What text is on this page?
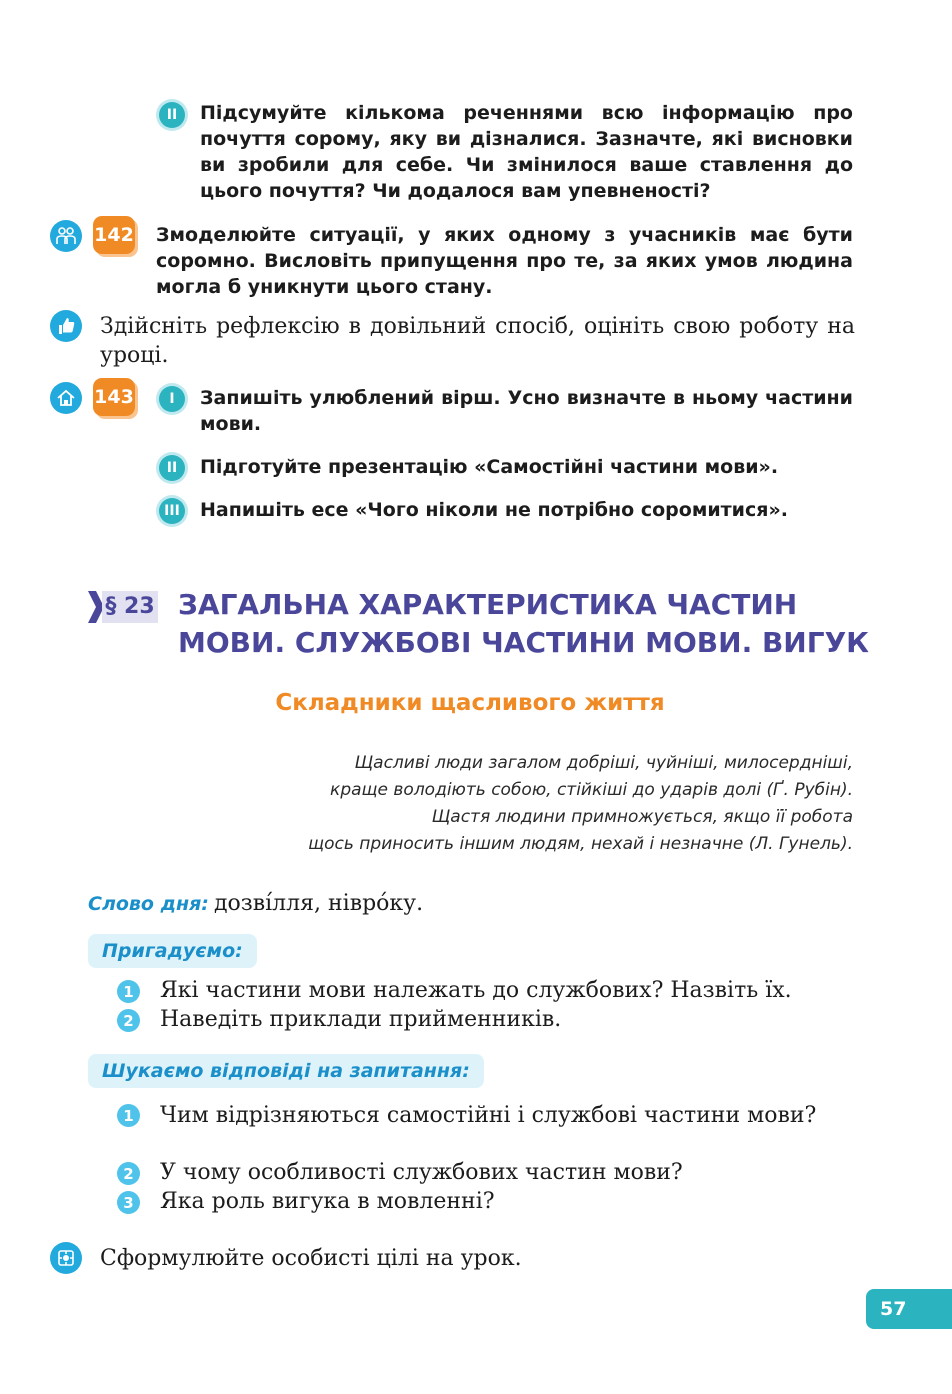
II Підсумуйте кількома реченнями всю інформацію про почуття сорому, яку ви дізналися. Зазначте, які висновки ви зробили для себе. Чи змінилося ваше ставлення до цього почуття? Чи додалося вам упевненості?
142 Змоделюйте ситуації, у яких одному з учасників має бути соромно. Висловіть припущення про те, за яких умов людина могла б уникнути цього стану.
Здійсніть рефлексію в довільний спосіб, оцініть свою роботу на уроці.
143	I Запишіть улюблений вірш. Усно визначте в ньому частини мови.
II Підготуйте презентацію «Самостійні частини мови».
III Напишіть есе «Чого ніколи не потрібно соромитися».
§ 23 ЗАГАЛЬНА ХАРАКТЕРИСТИКА ЧАСТИН
МОВИ. СЛУЖБОВІ ЧАСТИНИ МОВИ. ВИГУК
Складники щасливого життя
Щасливі люди загалом добріші, чуйніші, милосердніші,
краще володіють собою, стійкіші до ударів долі (Ґ. Рубін).
Щастя людини примножується, якщо її робота
щось приносить іншим людям, нехай і незначне (Л. Гунель).
Слово дня: дозві́лля, нівро́ку.
Пригадуємо:
1 Які частини мови належать до службових? Назвіть їх.
2 Наведіть приклади прийменників.
Шукаємо відповіді на запитання:
1 Чим відрізняються самостійні і службові частини мови?
2 У чому особливості службових частин мови?
3 Яка роль вигука в мовленні?
Сформулюйте особисті цілі на урок.
57
